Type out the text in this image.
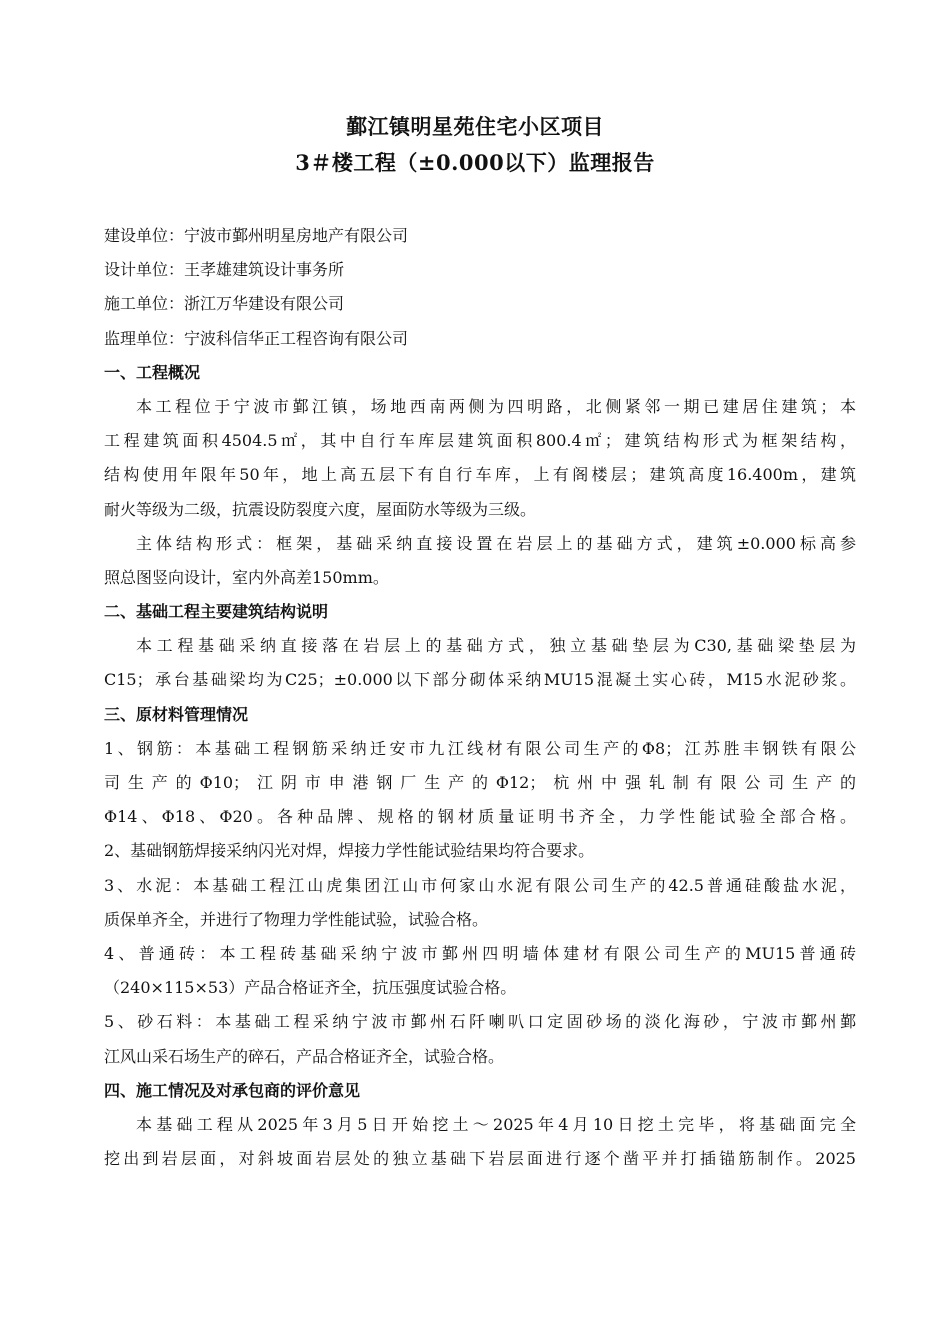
鄞江镇明星苑住宅小区项目
3＃楼工程（±0.000以下）监理报告
建设单位：宁波市鄞州明星房地产有限公司
设计单位：王孝雄建筑设计事务所
施工单位：浙江万华建设有限公司
监理单位：宁波科信华正工程咨询有限公司
一、工程概况
本工程位于宁波市鄞江镇，场地西南两侧为四明路，北侧紧邻一期已建居住建筑；本
工程建筑面积4504.5㎡，其中自行车库层建筑面积800.4㎡；建筑结构形式为框架结构，
结构使用年限年50年，地上高五层下有自行车库，上有阁楼层；建筑高度16.400m，建筑
耐火等级为二级，抗震设防裂度六度，屋面防水等级为三级。
主体结构形式：框架，基础采纳直接设置在岩层上的基础方式，建筑±0.000标高参
照总图竖向设计，室内外高差150mm。
二、基础工程主要建筑结构说明
本工程基础采纳直接落在岩层上的基础方式，独立基础垫层为C30,基础梁垫层为
C15；承台基础梁均为C25；±0.000以下部分砌体采纳MU15混凝土实心砖，M15水泥砂浆。
三、原材料管理情况
1、钢筋：本基础工程钢筋采纳迁安市九江线材有限公司生产的Φ8；江苏胜丰钢铁有限公
司生产的Φ10；江阴市申港钢厂生产的Φ12；杭州中强轧制有限公司生产的
Φ14、Φ18、Φ20。各种品牌、规格的钢材质量证明书齐全，力学性能试验全部合格。
2、基础钢筋焊接采纳闪光对焊，焊接力学性能试验结果均符合要求。
3、水泥：本基础工程江山虎集团江山市何家山水泥有限公司生产的42.5普通硅酸盐水泥，
质保单齐全，并进行了物理力学性能试验，试验合格。
4、普通砖：本工程砖基础采纳宁波市鄞州四明墙体建材有限公司生产的MU15普通砖
（240×115×53）产品合格证齐全，抗压强度试验合格。
5、砂石料：本基础工程采纳宁波市鄞州石阡喇叭口定固砂场的淡化海砂，宁波市鄞州鄞
江风山采石场生产的碎石，产品合格证齐全，试验合格。
四、施工情况及对承包商的评价意见
本基础工程从2025年3月5日开始挖土～2025年4月10日挖土完毕，将基础面完全
挖出到岩层面，对斜坡面岩层处的独立基础下岩层面进行逐个凿平并打插锚筋制作。2025
